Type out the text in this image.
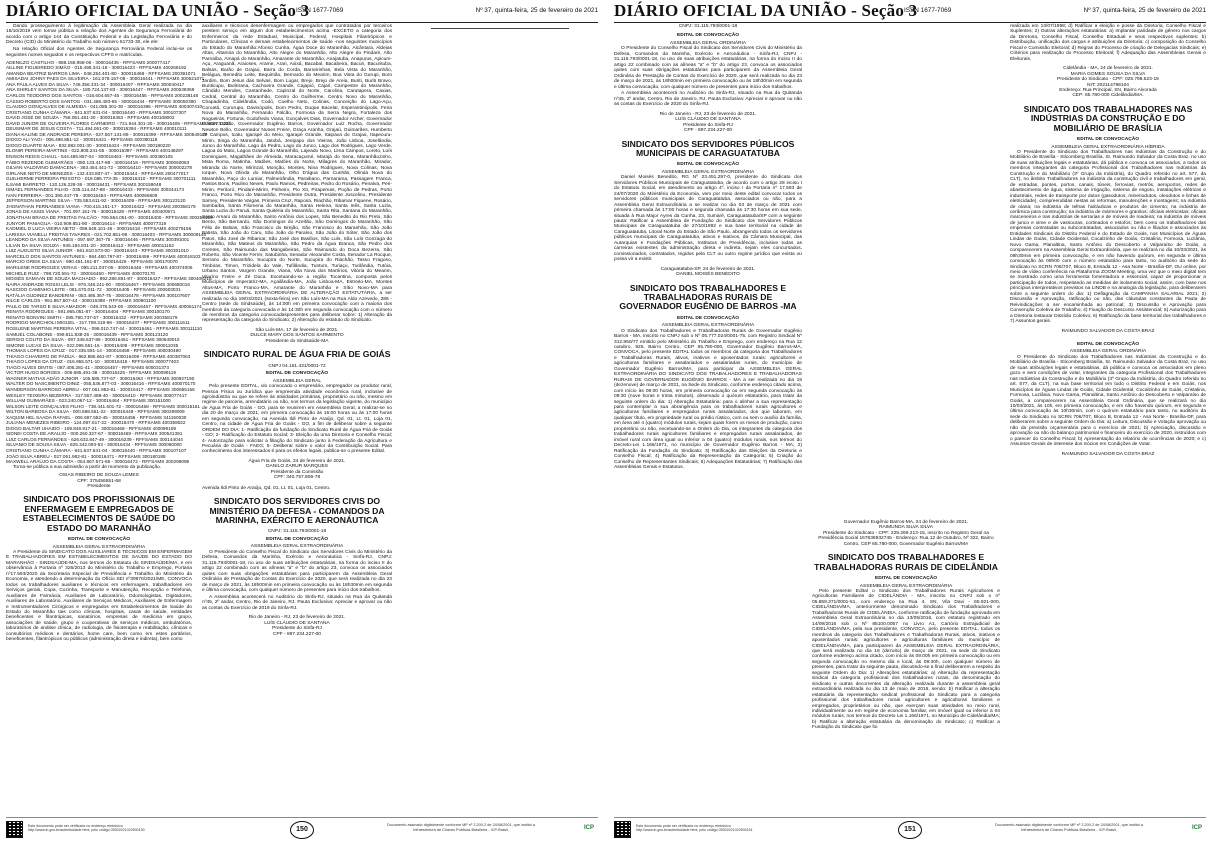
DIÁRIO OFICIAL DA UNIÃO - Seção 3
ISSN 1677-7069	Nº 37, quinta-feira, 25 de fevereiro de 2021

Dando prosseguimento à legitimação da Assembleia Geral realizada no dia 16/10/2019 vem tornar pública a relação dos Agentes de Segurança Ferroviária de acordo com o artigo 144 da Constituição Federal e da Legislação Ferroviária e do Decreto (CID) do Ministério do Trabalho sob número 51733-30, ele ele:

Na relação Oficial dos Agentes de Segurança Ferroviária Federal inclui-se os seguintes nomes seguidos e os respectivos CPFS e matrículas.

ADENILZO CASTILHO - 888.155.958-05 - 300016436 - RFFSAMS 200077417
AILLINE FIGUEIREDO SIMÃO - 015.498.341-18 - 300016423 - RFFSAMS 400268192
AMANDA BEATRIZ BARROS LIMA - 048.254.401-80 - 300016468 - RFFSAMS 200391071
AMISADAI JOHNY PAES DA SILVEIRA - 161.078.157-08 - 300016441 - RFFSAMS 300621071
ANA PAULA ALVES DA SILVA - 745.356.331-34 - 300016407 - RFFSAMS 300040417
ANA SHIRLEY SANTOS DA SILVA - 180.724.137-83 - 300016447 - RFFSAMS 200638369
CARLOS TEODORO DOS SANTOS - 016.604.657-45 - 300016456 - RFFSAMS 200228148
CÁSSIO ROBERTO DOS SANTOS - 031.486.493-65 - 300016434 - RFFSAMS 300050390
CLAUDIO GONÇALVES DE ALMEIDA - 041.085.301-30 - 300016396 - RFFSAMS 400307410
CRISTIANO CUNHA CÂMARA - 841.637.631-04 - 300016440 - RFFSAMS 300107307
DAVID JOSÉ DE SOUZA - 758.051.481-20 - 300016453 - RFFSAMS 400108002
DAVID JUNIOR DE OLIVEIRA FLORES CARNEIRO - 721.944.301-30 - 300016405 - RFFSAMS 400733221
DEUSIMAR DE JESUS COSTA - 711.494.061-00 - 300016394 - RFFSAMS 400010111
DIANA KALINE DE ANDRADE PEREIRA - 027.567.131-89 - 300016399 - RFFSAMS 300549177
DIOGO ALI YAGI - 006.498.851-12 - 300016421 - RFFSAMS 400390118
DIOGO DUARTE MAIA - 832.982.001-30 - 300016424 - RFFSAMS 300180220
ELONIR PEREIRA MARTINS - 022.808.241-55 - 300016397 - RFFSAMS 400148297
ENISON REGIS CHAUL - 544.485.857-04 - 300016463 - RFFSAMS 400360105
FÁBIO REZENDE GUIMARÃES - 080.133.417-88 - 300016418 - RFFSAMS 300060063
GILVAN VALDIVINO DAMACENA - 363.454.441-72 - 300016410 - RFFSAMS 300002278
GIRLANE NETO DE MENEZES - 132.433.807-47 - 300016444 - RFFSAMS 200477017
GUILHERME FERREIRA PEIXOTO - 019.085.773-35 - 300016410 - RFFSAMS 300701111
ILSAMI BARRETO - 120.126.228-36 - 300016431 - RFFSAMS 300159048
ISMAEL FERNANDES FILHO - 035.114.247-98 - 300016433 - RFFSAMS 300344173
IVAN FERREIRA - 001.390.447-79 - 300016454 - RFFSAMS 400066809
JEFFERSON MARTINS SILVA - 735.553.611-92 - 300016409 - RFFSAMS 300123120
JHONATHAN FERNANDES VIANA - 700.415.161-17 - 300016422 - RFFSAMS 200358179
JONAS DE ASSIS VIANA - 701.097.151-76 - 300016429 - RFFSAMS 400400571
JONATHAN BRAGA DE FREITAS FALCÃO - 706.554.051-00 - 300016400 - RFFSAMS 300256159
JUNYOR PANIAGUA - 010.909.851-90 - 300016414 - RFFSAMS 400077319
KADMIEL D LUCA VIEIRA NETO - 059.649.101-46 - 300016418 - RFFSAMS 400279156
LARISSA VIANELLI FREITAS TAVARES - 021.702.851-99 - 300016403 - RFFSAMS 300009140
LEANDRO DA SILVA ANTUNES - 097.697.367-75 - 300016446 - RFFSAMS 300391001
LILIAN DA SILVA SOUZA - 945.184.831-20 - 300016412 - RFFSAMS 400011152
LUIZ AUGUSTO SILVA JUNIOR - 661.810.573-00 - 300016443 - RFFSAMS 300301010
MARCELO DOS SANTOS ANTUNES - 984.480.797-87 - 300016459 - RFFSAMS 400018103
MÁRCIO GREIK DA SILVA - 990.451.161-87 - 300016429 - RFFSAMS 300170070
MARILENE RODRIGUES VERAS - 095.211.037-05 - 300016448 - RFFSAMS 400374006
MICHELE RUIZ - 798.720.591-72 - 300016460 - RFFSAMS 400070170
MOISÉS SAMAAN DE SOUZA MACHADO - 892.286.691-87 - 300016427 - RFFSAMS 300408218
NAIRA ANDRADE ROSSI LELIS - 976.348.241-00 - 300016467 - RFFSAMS 300680016
NASCIDO CAMINHO LEITE - 081.670.011-72 - 300016405 - RFFSAMS 200603031
NATÁLIA GUDINEZ BANDERINI - 053.486.367-75 - 300016478 - RFFSAMS 300107607
NILCE CARLOS - 951.967.507-44 - 300016398 - RFFSAMS 300801100
PAULO DE TARSO E SILVA AMADOR - 049.378.543-05 - 300016467 - RFFSAMS 400061174
RENATA RODRIGUES - 591.965.051-87 - 300016404 - RFFSAMS 300100170
RENATO BONVINI SMITH - 085.790.737-57 - 300016432 - RFFSAMS 200358179
RODRIGO MARCHIOLI MIGUEL - 317.708.318-98 - 300016437 - RFFSAMS 300111611
ROSILENE MARTINS PEREIRA VITAL - 098.010.747-44 - 300016461 - RFFSAMS 300111110
SAMUEL COLABONE - 099.811.838-25 - 300016439 - RFFSAMS 300123120
SERGIO COUTO DA SILVA - 097.348.637-86 - 300016451 - RFFSAMS 300649010
SIMONE LUCAS DA SILVA - 022.095.551-16 - 300016408 - RFFSAMS 300011035
THOMAS LOPES DA CRUZ - 017.335.591-14 - 300016458 - RFFSAMS 400030490
THIAGO CHAVEIRO DE PÁDUA - 962.885.661-87 - 300016409 - RFFSAMS 400387063
THIAGO LOPES DA CRUZ - 016.955.571-10 - 300016415 - RFFSAMS 300077403
TIAGO ALVES DINTIS - 087.406.281-41 - 300016457 - RFFSAMS 600031373
VICTOR HUGO BORGES - 006.685.491-38 - 300016425 - RFFSAMS 300099119
WAGNER MATIAS ADÃO JUNIOR - 105.586.737-67 - 300016463 - RFFSAMS 300927190
WALTER DO NASCIMENTO DINIZ - 055.536.877-03 - 300016416 - RFFSAMS 400070170
WANDERSON BARROSO ABREU - 007.061.982-81 - 300016417 - RFFSAMS 300655156
WESLEY TEIXEIRA BEZERRA - 317.557.488-40 - 300016410 - RFFSAMS 300077417
WILLIAM GUIMARÃES - 023.240.067-12 - 300016464 - RFFSAMS 300151000
WILSON LEITE GONÇALVES FILHO - 738.441.601-72 - 300016458 - RFFSAMS 300015151
WILTON BARBOSA DA SILVA - 000.598.551-22 - 300016449 - RFFSAMS 300299009
XAQUIM HEL SAADA RAFAEL - 006.597.552-45 - 300016455 - RFFSAMS 341150030
JULIANA MENEZES RIBEIRO - 124.097.617-22 - 300016470 - RFFSAMS 400359022
DIOGO BALTAR UHAIDO - 109.849.917-21 - 300016468 - RFFSAMS 400099109
SIDNEI COSTA DE ARAUJO - 000.260.327-67 - 300016469 - RFFSAMS 300541391
LUIZ CARLOS FERNANDES - 626.632.847-49 - 300016239 - RFFSAMS 300144044
SILVANIO DE SOUSA SILVA - 825.342.093-53 - 300016434 - RFFSAMS 300050000
CRISTIANO CUNHA CÂMARA - 841.637.631-04 - 300016440 - RFFSAMS 300107107
JOÃO SILVA ABREU - 027.061.982-81 - 300016471 - RFFSAMS 300180188
MAXWELL ARAÚJO DA COSTA - 054.867.571-66 - 300016472 - RFFSAMS 200299099

Torna-se pública a sua admissão a partir de momento da publicação.

OSIAS RIBEIRO DE SOUZA LEMES

CPF: 375456551-68

Presidente

SINDICATO DOS PROFISSIONAIS DE ENFERMAGEM E EMPREGADOS DE ESTABELECIMENTOS DE SAÚDE DO ESTADO DO MARANHÃO

EDITAL DE CONVOCAÇÃO

ASSEMBLEIA GERAL EXTRAORDINÁRIA

A Presidente do SINDICATO DOS AUXILIARES E TÉCNICOS EM ENFERMAGEM E TRABALHADORES EM ESTABELECIMENTOS DE SAÚDE DO ESTADO DO MARANHÃO - SINDSAÚDE-MA, nos termos do Estatuto do SINDSAÚDE/MA, e em observância à Portaria nº 326/2013 do Ministério do Trabalho e Emprego, Portaria nº17.593/2020 da Secretaria Especial de Previdência e Trabalho do Ministério da Economia, e atendendo a determinação do Ofício SEI nº39970/2021/ME, CONVOCA todos os trabalhadores auxiliares e técnicos em enfermagem, trabalhadores em Serviços gerais, Copa, Cozinha, Transporte e Manutenção, Recepção e Telefonia, Auxiliares de Farmácia, Auxiliares de Laboratório, Odontologistas, Digitadores, Auxiliares de Laboratório, Auxiliares de Serviços Médicos, Auxiliares de Enfermagem e Instrumentadores Cirúrgicos e empregados em Estabelecimentos de Saúde do Estado do Maranhão tais como clínicas, hospitais, casas de saúde, entidades beneficentes e filantrópicas, sanatórios, empresas de medicina em grupo, associações de saúde, grupo e cooperativas de serviços médicos, ambulatórios, laboratórios de análise clínica, de radiologia, de fisioterapia e reabilitação, clínicas e consultórios médicos e dentários, home care, bem como em estes paritários, beneficentes, filantrópicos ou públicos (administração direta e indireta), bem como

auxiliares e técnicos desenfermagem ou empregados que contratados por terceiros prestem serviço em algum dos estabelecimentos acima -EXCETO a categoria dos Enfermeiros da rede Estadual, Municipal, Federal, Hospitais Filantrópicos e Particulares, Clínicas e demais estabelecimentos de saúde -nos seguintes municípios do Estado do Maranhão:Afonso Cunha, Água Doce do Maranhão, Alcântara, Aldeias Altas, Altamira do Maranhão, Alto Alegre do Maranhão, Alto Alegre do Pindaré, Alto Parnaíba, Amapá do Maranhão, Amarante do Maranhão, Anajatuba, Anapurus, Apicum-Açu, Araguanã, Araioses, Arame, Arari, Axixá, Bacabal, Bacabeira, Bacuri, Bacurituba, Balsas, Barão de Grajaú, Barra do Corda, Barreirinhas, Bela Vista do Maranhão, Belágua, Benedito Leite, Bequimão, Bernardo do Mearim, Boa Vista do Gurupi, Bom Jardim, Bom Jesus das Selvas, Bom Lugar, Brejo, Brejo de Areia, Buriti, Buriti Bravo, Buriticupu, Buritirana, Cachoeira Grande, Cajapió, Cajari, Campestre do Maranhão, Cândido Mendes, Cantanhede, Capinzal do Norte, Carolina, Carutapera, Caxias, Cedral, Central do Maranhão, Centro do Guilherme, Centro Novo do Maranhão, Chapadinha, Cidelândia, Codó, Coelho Neto, Colinas, Conceição do Lago-Açu, Coroatá, Cururupu, Davinópolis, Dom Pedro, Duque Bacelar, Esperantinópolis, Feira Nova do Maranhão, Fernando Falcão, Formosa da Serra Negra, Fortaleza dos Nogueiras, Fortuna, Godofredo Viana, Gonçalves Dias, Governador Archer, Governador Edison Lobão, Governador Eugênio Barros, Governador Luiz Rocha, Governador Newton Bello, Governador Nunes Freire, Graça Aranha, Grajaú, Guimarães, Humberto de Campos, Icatu, Igarapé do Meio, Igarapé Grande, Itaipava do Grajaú, Itapecuru-Mirim, Itinga do Maranhão, Jatobá, Jenipapo dos Vieiras, João Lisboa, Joselândia, Junco do Maranhão, Lago da Pedra, Lago do Junco, Lago dos Rodrigues, Lago Verde, Lagoa do Mato, Lagoa Grande do Maranhão, Lajeado Novo, Lima Campos, Loreto, Luís Domingues, Magalhães de Almeida, Maracaçumé, Marajá do Sena, Maranhãozinho, Mata Roma, Matinha, Matões, Matões do Norte, Milagres do Maranhão, Mirador, Miranda do Norte, Mirinzal, Monção, Montes, Nina Rodrigues, Nova Colinas, Nova Iorque, Nova Olinda do Maranhão, Olho D'água das Cunhãs, Olinda Nova do Maranhão, Paço do Lumiar, Palmeirândia, Paraibano, Parnarama, Passagem Franca, Pastos Bons, Paulino Neves, Paulo Ramos, Pedreiras, Pedro do Rosário, Penalva, Peri-Mirim, Peritoró, Pindaré-Mirim, Pinheiro, Pio XII, Pirapemas, Poção de Pedras, Porto Franco, Porto Rico do Maranhão, Presidente Dutra, Presidente Juscelino, Presidente Sarney, Presidente Vargas, Primeira Cruz, Raposa, Riachão, Ribamar Fiquene, Rosário, Sambaíba, Santa Filomena do Maranhão, Santa Helena, Santa Inês, Santa Luzia, Santa Luzia do Paruá, Santa Quitéria do Maranhão, Santa Rita, Santana do Maranhão, Santo Amaro do Maranhão, Santo Antônio dos Lopes, São Benedito do Rio Preto, São Bento, São Bernardo, São Domingos do Azeitão, São Domingos do Maranhão, São Félix de Balsas, São Francisco do Brejão, São Francisco do Maranhão, São João Batista, São João do Caru, São João do Paraíso, São João do Sóter, São João dos Patos, São José de Ribamar, São José dos Basílios, São Luís, São Luís Gonzaga do Maranhão, São Mateus do Maranhão, São Pedro da Água Branca, São Pedro dos Crentes, São Raimundo das Mangabeiras, São Raimundo do Doca Bezerra, São Roberto, São Vicente Ferrer, Satubinha, Senador Alexandre Costa, Senador La Rocque, Serrano do Maranhão, Sucupira do Norte, Sucupira do Riachão, Tasso Fragoso, Timbiras, Timon, Trizidela do Vale, Tufilândia, Tuntum, Turiaçu, Turilândia, Tutóia, Urbano Santos, Vargem Grande, Viana, Vila Nova dos Martírios, Vitória do Mearim, Vitorino Freire e Zé Doca. Excetuando-se a região Tocantina, composta pelos Municípios de Imperatriz-MA, Açailândia-MA, João Lisboa-MA, Estreito-MA, Montes Altos-MA, Porto Franco-MA, Amarante do Maranhão e Sítio Novo-MA para ASSEMBLEIA GERAL EXTRAORDINÁRIA DE ALTERAÇÃO ESTATUTÁRIA, a ser realizada no dia 19/03/2021 (sexta-feira) em São Luís-MA na Rua Aldo Azevedo, 285 - Centro (sede do Sindsaúde), às 14:00h em primeira convocação com a maioria dos membros da categoria convocada e às 14:30h em segunda convocação com o número de membros da categoria convocadaspresentes para deliberar sobre: 1) Alteração da representação da categoria do Sindicato; 2) Alteração do estatuto do Sindicato.

São Luís-MA, 17 de fevereiro de 2021.

DULCE MARY DOS SANTOS SARMENTO

Presidente do Sindsaúde-MA

SINDICATO RURAL DE ÁGUA FRIA DE GOIÁS

CNPJ 04.161.431/0001-72

EDITAL DE CONVOCAÇÃO

ASSEMBLEIA GERAL

Pelo presente EDITAL, ulo convocado o empresário, empregador ou produtor rural, Pessoa Física ou Jurídica que empreenda atividade econômica rural, inclusive de agroindústria ou que se refere às atividades primárias, proprietário ou não, mesmo em regime de parceria, arrendatário ou não, nos termos da legislação vigente, do município de Água Fria de Goiás - GO, para se reunirem em Assembleia Geral, a realizar-se no dia 20 de março de 2021, em primeira convocação às 15:00 horas ou às 17:00 horas em segunda convocação, na Avenida Ildi Pinto de Araújo, Qd. 01, Lt. 01, Loja 01, Centro, na cidade de Água Fria de Goiás - GO, a fim de deliberar sobre a seguinte ORDEM DO DIA: 1- Ratificação da fundação do Sindicato Rural de Água Fria de Goiás - GO; 2- Ratificação do Estatuto Social; 3- Eleição da uma Diretoria e Conselho Fiscal; 4- Autorização para solicitar a filiação do Sindicato junto à Federação da Agricultura e Pecuária de Goiás - FAEG; 5- Deliberar sobre o valor da Contribuição Social. Para conhecimento dos interessados é para os efeitos legais, publica-se o presente Edital.

Água Fria de Goiás, 24 de fevereiro de 2021.

DANILO ZARUR MARQUES

Presidente da Comissão

CPF: 340.757.806-78

Avenida Ildi Pinto de Araújo, Qd. 01, Lt. 01, Loja 01, Centro.

SINDICATO DOS SERVIDORES CIVIS DO MINISTÉRIO DA DEFESA - COMANDOS DA MARINHA, EXÉRCITO E AERONÁUTICA

CNPJ: 31.115.793/0001-18

EDITAL DE CONVOCAÇÃO

ASSEMBLEIA GERAL EXTRAORDINÁRIA

O Presidente do Conselho Fiscal do Sindicato dos Servidores Civis do Ministério da Defesa, Comandos da Marinha, Exército e Aeronáutica - Sinfa-RJ, CNPJ: 31.115.793/0001-18, no uso de suas atribuições estatutárias, na forma do inciso II do artigo 22 combinado com as alíneas "a" e "b" do artigo 23, convoca os associados quites com suas obrigações estatutárias para participarem da Assembleia Geral Ordinária de Prestação de Contas do Exercício de 2020, que será realizada no dia 23 de março de 2021, às 18h00min em primeira convocação ou às 18h30min em segunda e última convocação, com qualquer número de presentes para início dos trabalhos.

A Assembleia acontecerá no Auditório do Sinfa-RJ, situado na Rua da Quitanda nº45, 2º andar, Centro, Rio de Janeiro, RJ. Pauta Exclusiva: Apreciar e aprovar ou não as contas do Exercício de 2019 do Sinfa-RJ.

Rio de Janeiro - RJ, 23 de fevereiro de 2021.

LUÍS CLÁUDIO DE SANTANA

Presidente do Sinfa-RJ

CPF - 897.234.227-00

Este documento pode ser verificado no endereço eletrônico http://www.in.gov.br/autenticidade.html, pelo código 05302021022500150	150
Documento assinado digitalmente conforme MP nº 2.200-2 de 24/08/2001, que institui a Infraestrutura de Chaves Públicas Brasileira - ICP-Brasil.	ICP
DIÁRIO OFICIAL DA UNIÃO - Seção 3
ISSN 1677-7069	Nº 37, quinta-feira, 25 de fevereiro de 2021

CNPJ: 31.115.793/0001-18

EDITAL DE CONVOCAÇÃO

ASSEMBLEIA GERAL ORDINÁRIA

O Presidente do Conselho Fiscal do Sindicato dos Servidores Civis do Ministério da Defesa, Comandos da Marinha, Exército e Aeronáutica - Sinfa-RJ, CNPJ - 31.115.793/0001-18, no uso de suas atribuições estatutárias, na forma do inciso II do artigo 22 combinado com as alíneas "a" e "b" do artigo 23, convoca os associados quites com suas obrigações estatutárias para participarem da Assembleia Geral Ordinária de Prestação de Contas do Exercício de 2020, que será realizada no dia 23 de março de 2021, às 18h00min em primeira convocação ou às 18h30min em segunda e última convocação, com qualquer número de presentes para início dos trabalhos.

A Assembleia acontecerá no Auditório do Sinfa-RJ, situado na Rua da Quitanda nº45, 2º andar, Centro, Rio de Janeiro, RJ. Pauta Exclusiva: Apreciar e aprovar ou não as contas do Exercício de 2020 do Sinfa-RJ.

Rio de Janeiro - RJ, 23 de fevereiro de 2021.

LUÍS CLÁUDIO DE SANTANA

Presidente do Sinfa-RJ

CPF - 897.234.227-00

SINDICATO DOS SERVIDORES PÚBLICOS MUNICIPAIS DE CARAGUATATUBA

EDITAL DE CONVOCAÇÃO

ASSEMBLEIA GERAL EXTRAORDINÁRIA

Daniel Moisés Benedito, RG Nº 23.451.297-0, presidente do Sindicato dos Servidores Públicos Municipais de Caraguatatuba, de acordo com o artigo 28 inciso I do Estatuto Social, em atendimento ao artigo 4º, inciso I da Portaria nº 17.593 de 24/07/2020 do Ministério da Economia, vem por meio deste edital convocar todos os servidores públicos municipais de Caraguatatuba, associados ou não, para a Assembleia Geral Extraordinária a se realizar no dia 03 de março de 2021 com primeira chamada às 17:00 horas e segunda chamada às 17:30 horas em sua sede, situada à Rua Major Ayres da Cunha, 23, Sumaré, Caraguatatuba/SP com a seguinte pauta: Ratificar a Assembleia de Fundação do Sindicato dos Servidores Públicos Municipais de Caraguatatuba de 27/10/1992 e sua base territorial na cidade de Caraguatatuba, Litoral Norte do Estado de São Paulo, abrangendo todos os servidores públicos municipais de Caraguatatuba, ativos e inativos, da Câmara Municipal, das Autarquias e Fundações Públicas, Institutos de Previdência, inclusive todas as carreiras existentes da administração direta e indireta, sejam eles concursados, comissionados, contratados, regidos pela CLT ou outro regime jurídico que exista ou possa vir a existir.

Caraguatatuba-SP, 24 de fevereiro de 2021.

DANIEL MOISÉS BENEDITO

SINDICATO DOS TRABALHADORES E TRABALHADORAS RURAIS DE GOVERNADOR EUGÊNIO DE BARROS -MA

EDITAL DE CONVOCAÇÃO

ASSEMBLEIA GERAL EXTRAORDINÁRIA

O Sindicato dos Trabalhadores e Trabalhadoras Rurais de Governador Eugênio Barros - MA, inscrito no CNPJ sob o Nº 05.777.024/0001-75, com Registro Sindical Nº 312.850/77 emitido pelo Ministério do Trabalho e Emprego, com endereço na Rua 12 outubro, 926, Bairro Centro, CEP 65.780-000, Governador Eugênio Barros-MA, CONVOCA, pelo presente EDITAL todos os membros da categoria dos Trabalhadores e Trabalhadoras Rurais, ativos, inativos e aposentados rurais: agricultores e agricultoras familiares e assalariados e assalariadas rurais, do município de Governador Eugênio Barros/MA, para participar da ASSEMBLEIA GERAL EXTRAORDINÁRIA DO SINDICATO DOS TRABALHADORES E TRABALHADORAS RURAIS DE GOVERNADOR EUGÊNIO BARROS - MA a ser realizada no dia 19 (dezenove) de março de 2021, na Sede do Sindicato, conforme endereço citado acima, com início às 09:00 horas, em primeira convocação ou em segunda convocação às 09:30 (nove horas e trinta minutos), observado o quórum estatutário, para tratar da seguinte ordem do dia: 1) Alteração Estatutária: para o alinhar a sua representação para contemplar a sua abrangência para os trabalhadores rurais agricultores e agricultoras familiares e empregados rurais assalariados, dos que laboram, em qualquer título, em propriedade rural ou prédio rústico, com ou sem o auxílio da família, em área até 4 (quatro) módulos rurais, sejam quais forem os meios de produção, como proprietário ou não, excetuando-se a Ordem do Dia, os integrantes da categoria dos trabalhadores rurais agricultores familiares e empregados rurais assalariados, de imóvel rural com área igual ou inferior a 04 (quatro) módulos rurais, nos termos do Decreto-Lei 1.166/1971, no município de Governador Eugênio Barros - MA; 2) Ratificação da Fundação do Sindicato; 3) Ratificação das Eleições da Diretoria e Conselho Fiscal; 4) Ratificação da Representação da Categoria; 5) Criação do Conselho de Representantes Sindicais; 6) Adequações Estatutárias; 7) Ratificação das Assembleias Gerais e Estatutos.

Governador Eugênio Barros-MA, 24 de fevereiro de 2021.

RAIMUNDA SILVA SILVA

Presidente do Sindicato - CPF: 229.269.213-15, inscrito no Registro Geral na Previdência Social 167636932745 - Endereço: Rua 12 de Outubro, Nº 322, Bairro Centro, CEP 65.780-000, Governador Eugênio Barros/MA

SINDICATO DOS TRABALHADORES E TRABALHADORAS RURAIS DE CIDELÂNDIA

EDITAL DE CONVOCAÇÃO

ASSEMBLEIA GERAL EXTRAORDINÁRIA

Pelo presente Edital o Sindicato dos Trabalhadores Rurais Agricultores e Agricultoras Familiares de CIDELÂNDIA - MA, inscrito no CNPJ sob o nº 05.859.371/0001-51, com endereço na Rua 4, SN, Vila Davi - 65.921-000, CIDELÂNDIA/MA, anteriormente denominado Sindicato dos Trabalhadores e Trabalhadoras Rurais de CIDELÂNDIA, conforme ratificação de fundação aprovada em Assembleia Geral Extraordinária no dia 13/05/2016, com estatuto registrado em 14/09/2016 sob o Nº 85100.0057 no Livro A1, Cartório Extrajudicial de CIDELÂNDIA/MA, pela sua presidente, CONVOCA, pelo presente EDITAL, todos os membros da categoria dos Trabalhadores e Trabalhadoras Rurais, ativos, inativos e aposentados rurais: agricultores e agricultoras familiares do município de CIDELÂNDIA/MA, para participarem da ASSEMBLEIA GERAL EXTRAORDINÁRIA, que será realizada no dia 18 (dezoito) de março de 2021, na sede do Sindicato conforme endereço acima citado, com início às 09:00h em primeira convocação ou em segunda convocação no mesmo dia e local, às 09:30h, com qualquer número de presentes, para tratar da seguinte pauta, discutindo-se a final deliberarem a respeito da seguinte Ordem do Dia: 1) Alterações estatutárias: a) Alteração da representação sindical da categoria profissional dos trabalhadores rurais, da denominação do sindicato e outras decorrentes da alteração realizada durante a assembleia geral extraordinária realizada no dia 13 de maio de 2016, sendo: b) Ratificar a alteração estatutária da representação sindical profissional do Sindicato para a categoria profissional dos trabalhadores rurais agricultores e agricultoras familiares e empregados, proprietários ou não, que exerçam suas atividades no meio rural, individualmente ou em regime de economia familiar, em imóvel igual ou inferior a 04 módulos rurais, nos termos do Decreto Lei 1.166/1971, no Município de Cidelândia/MA; b) Ratificar a alteração estatutária da denominação do Sindicato; c) Ratificar a Fundação do Sindicato que foi

realizada em 13/07/1998; d) Ratificar a eleição e posse da Diretoria, Conselho Fiscal e Suplentes; 2) Outras alterações estatutárias: a) Implantar paridade de gênero nos cargos da Diretoria, Conselho Fiscal, Conselho Estadual e seus respectivos suplentes; b) Distribuição, unificação dos cargos e atribuições da Diretoria; c) composição do Conselho Fiscal e Comissão Eleitoral; d) Regras do Processo de criação de Delegacias Sindicais; e) Critérios para realização do Processo Eleitoral; f) Adequação das Assembleias Gerais e Eleitorais.

Cidelândia - MA, 24 de fevereiro de 2021.

MARIA GOMES SOUSA DA SILVA

Presidente do Sindicato - CPF: 025.798.523-18

NIT: 202114798104

Endereço: Rua Principal, SN, Bairro Alvorada

CEP: 65.780-000 Cidelândia/MA.

SINDICATO DOS TRABALHADORES NAS INDÚSTRIAS DA CONSTRUÇÃO E DO MOBILIÁRIO DE BRASÍLIA

EDITAL DE CONVOCAÇÃO

ASSEMBLEIA GERAL EXTRAORDINÁRIA HÍBRIDA

O Presidente do Sindicato dos Trabalhadores nas Indústrias da Construção e do Mobiliário de Brasília - Sticomberg Brasília, Sr. Raimundo Salvador da Costa Braz, no uso de suas atribuições legais e estatutárias, dá pública e convoca os associados, a todos os membros integrantes da categoria Profissional dos Trabalhadores nas Indústrias da Construção e do Mobiliário (3º Grupo da Indústria), do Quadro referido no art. 577, da CLT), no âmbito Trabalhadores na indústria da construção civil e trabalhadores em geral, de estradas, pontes, portos, canais, túneis, ferrovias, metrôs, aeroportos, redes de abastecimento de água, sistema de irrigação, sistema de esgoto, instalações elétricas e industriais, redes de transporte por dutos (gasodutos, mineriodutos, oleodutos e linhas de eletricidade), compreendidas nestas as reformas, manutenções e montagens; na indústria de olaria; na indústria de telhas hidráulicas e produtos de cimento; na indústria de cerâmica para construção; na indústria de mármores e granitos; oficiais eletricistas; oficiais marceneiros e nas indústrias de serrarias e de móveis de madeira; na indústria de móveis de junco e vime e de vassouras, cortinados e estofos; bem como os trabalhadores das empresas contratadas ou subcontratadas, associados ou não e filiados e associados às Entidades Sindicais do Distrito Federal e do Estado de Goiás, nos Municípios de Águas Lindas de Goiás, Cidade Ocidental, Cocalzinho de Goiás, Cristalina, Formosa, Luziânia, Novo Gama, Planaltina, Santo Antônio do Descoberto e Valparaíso de Goiás, a comparecerem na Assembleia Geral Extraordinária, que se realizará no dia 10/03/2021, às 08h30min em primeira convocação, e em não havendo quórum, em segunda e última convocação às 09h00 com o número estatutário para tanto, no auditório da sede do Sindicato no SCRN 706/707, Bloco B, Entrada 12 - Asa Norte - Brasília-DF, OU online, por meio de vídeo conferência na Plataforma ZOOM Meeting, uma vez que o meio digital tem se mostrado como uma ferramenta fomentadora e essencial, capaz de proporcionar a participação de todos, respeitando as medidas de isolamento social, assim, com base nos princípios interpretativos previstos na LINDB e na analogia da legislação, para deliberarem sobre a seguinte ordem do dia: 1) Deflagração da CAMPANHA SALARIAL 2021; 2) Discussão e Aprovação, ratificação ou não, das cláusulas constantes da Pauta de Reivindicações a ser encaminhada ao patronal; 3) Discussão e Aprovação para Convenção Coletiva de Trabalho; 4) Fixação do Desconto Assistencial; 5) Autorização para a Diretoria instaurar Dissídio Coletivo; 6) Ratificação da base territorial dos trabalhadores e 7) Assuntos gerais.

RAIMUNDO SALVADOR DA COSTA BRAZ

EDITAL DE CONVOCAÇÃO

ASSEMBLEIA GERAL ORDINÁRIA

O Presidente do Sindicato dos Trabalhadores nas Indústrias da Construção e do Mobiliário de Brasília - Sticomberg Brasília, Sr. Raimundo Salvador da Costa Braz, no uso de suas atribuições legais e estatutárias, dá pública e convoca os associados em pleno gozo e sem condições de votar, integrantes da categoria Profissional dos Trabalhadores nas Indústrias da Construção e do Mobiliário (3º Grupo da Indústria, do Quadro referido no art. 577, da CLT), na sua base territorial em todo o Distrito Federal e em Goiás, nos Municípios de Águas Lindas de Goiás, Cidade Ocidental, Cocalzinho de Goiás, Cristalina, Formosa, Luziânia, Novo Gama, Planaltina, Santo Antônio do Descoberto e Valparaíso de Goiás, a comparecerem na Assembleia Geral Ordinária, que se realizará no dia 10/03/2021, às 10h, em primeira convocação, e em não havendo quórum, em segunda e última convocação às 10h30min, com o quórum estatutário para tanto, no auditório da sede do Sindicato no SCRN 706/707, Bloco B, Entrada 12 - Asa Norte - Brasília-DF, para deliberarem sobre a seguinte Ordem do Dia: a) Leitura, Discussão e Votação aprovação ou não da previsão orçamentária para o exercício de 2021; b) Apreciação, discussão e aprovação ou não do balanço patrimonial e financeiro do exercício de 2020, instruídos com o parecer do Conselho Fiscal; b) Apresentação do relatório de ocorrências de 2020; e c) Assuntos Gerais de interesse dos Sócios em Condições de Votar.

RAIMUNDO SALVADOR DA COSTA BRAZ

Este documento pode ser verificado no endereço eletrônico http://www.in.gov.br/autenticidade.html, pelo código 05302021022500151	151
Documento assinado digitalmente conforme MP nº 2.200-2 de 24/08/2001, que institui a Infraestrutura de Chaves Públicas Brasileira - ICP-Brasil.	ICP
